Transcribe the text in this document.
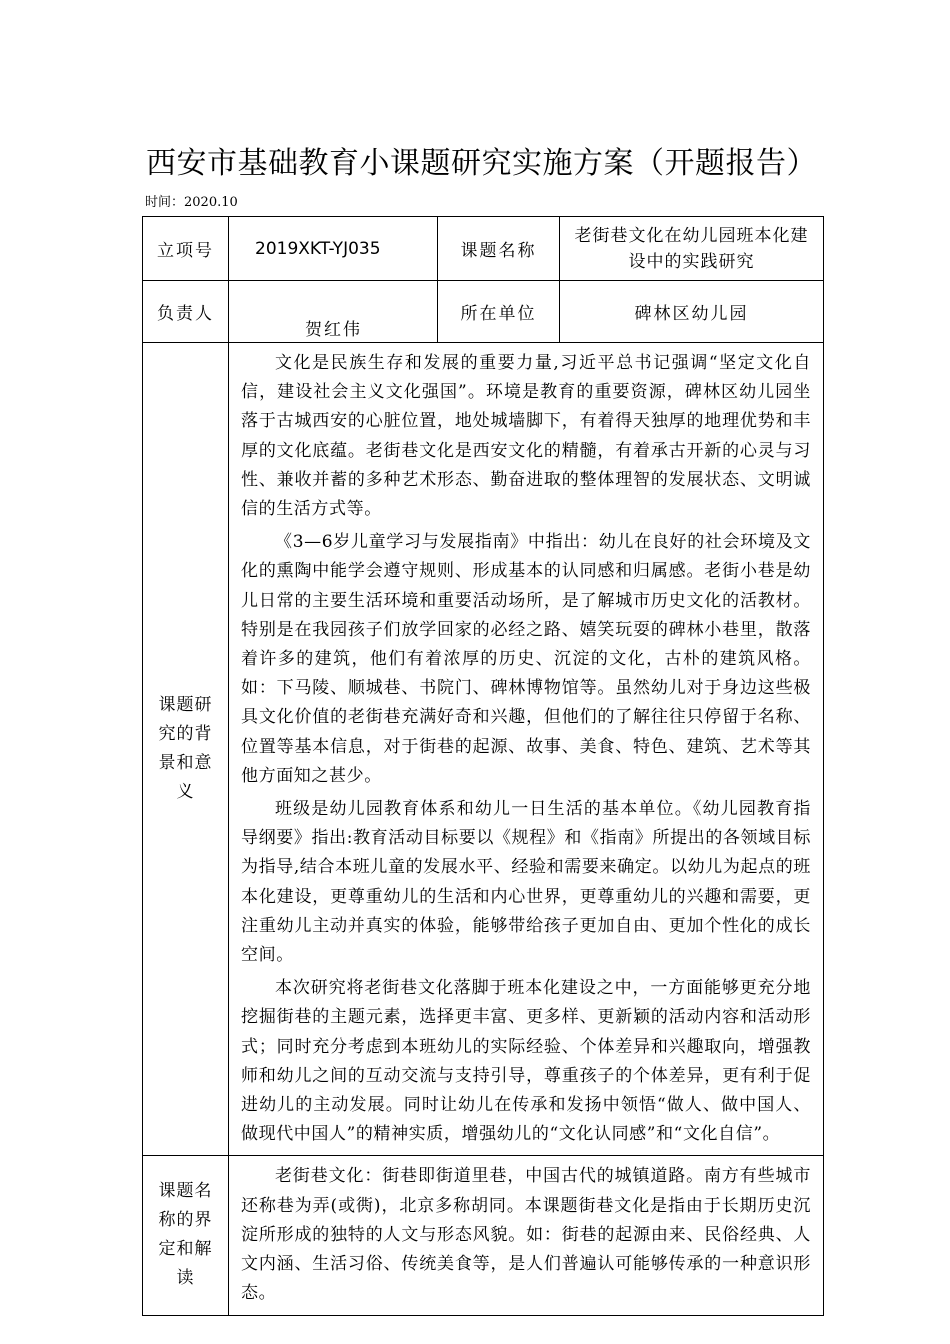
西安市基础教育小课题研究实施方案（开题报告）
时间：2020.10
立项号	2019XKT-YJ035	课题名称	老街巷文化在幼儿园班本化建设中的实践研究
负责人	贺红伟	所在单位	碑林区幼儿园
课题研究的背景和意义	文化是民族生存和发展的重要力量,习近平总书记强调“坚定文化自信，建设社会主义文化强国”。环境是教育的重要资源，碑林区幼儿园坐落于古城西安的心脏位置，地处城墙脚下，有着得天独厚的地理优势和丰厚的文化底蕴。老街巷文化是西安文化的精髓，有着承古开新的心灵与习性、兼收并蓄的多种艺术形态、勤奋进取的整体理智的发展状态、文明诚信的生活方式等。

《3—6岁儿童学习与发展指南》中指出：幼儿在良好的社会环境及文化的熏陶中能学会遵守规则、形成基本的认同感和归属感。老街小巷是幼儿日常的主要生活环境和重要活动场所，是了解城市历史文化的活教材。特别是在我园孩子们放学回家的必经之路、嬉笑玩耍的碑林小巷里，散落着许多的建筑，他们有着浓厚的历史、沉淀的文化，古朴的建筑风格。如：下马陵、顺城巷、书院门、碑林博物馆等。虽然幼儿对于身边这些极具文化价值的老街巷充满好奇和兴趣，但他们的了解往往只停留于名称、位置等基本信息，对于街巷的起源、故事、美食、特色、建筑、艺术等其他方面知之甚少。

班级是幼儿园教育体系和幼儿一日生活的基本单位。《幼儿园教育指导纲要》指出:教育活动目标要以《规程》和《指南》所提出的各领域目标为指导,结合本班儿童的发展水平、经验和需要来确定。以幼儿为起点的班本化建设，更尊重幼儿的生活和内心世界，更尊重幼儿的兴趣和需要，更注重幼儿主动并真实的体验，能够带给孩子更加自由、更加个性化的成长空间。

本次研究将老街巷文化落脚于班本化建设之中，一方面能够更充分地挖掘街巷的主题元素，选择更丰富、更多样、更新颖的活动内容和活动形式；同时充分考虑到本班幼儿的实际经验、个体差异和兴趣取向，增强教师和幼儿之间的互动交流与支持引导，尊重孩子的个体差异，更有利于促进幼儿的主动发展。同时让幼儿在传承和发扬中领悟“做人、做中国人、做现代中国人”的精神实质，增强幼儿的“文化认同感”和“文化自信”。		

课题名称的界定和解读	老街巷文化：街巷即街道里巷，中国古代的城镇道路。南方有些城市还称巷为弄(或衖)，北京多称胡同。本课题街巷文化是指由于长期历史沉淀所形成的独特的人文与形态风貌。如：街巷的起源由来、民俗经典、人文内涵、生活习俗、传统美食等，是人们普遍认可能够传承的一种意识形态。		
